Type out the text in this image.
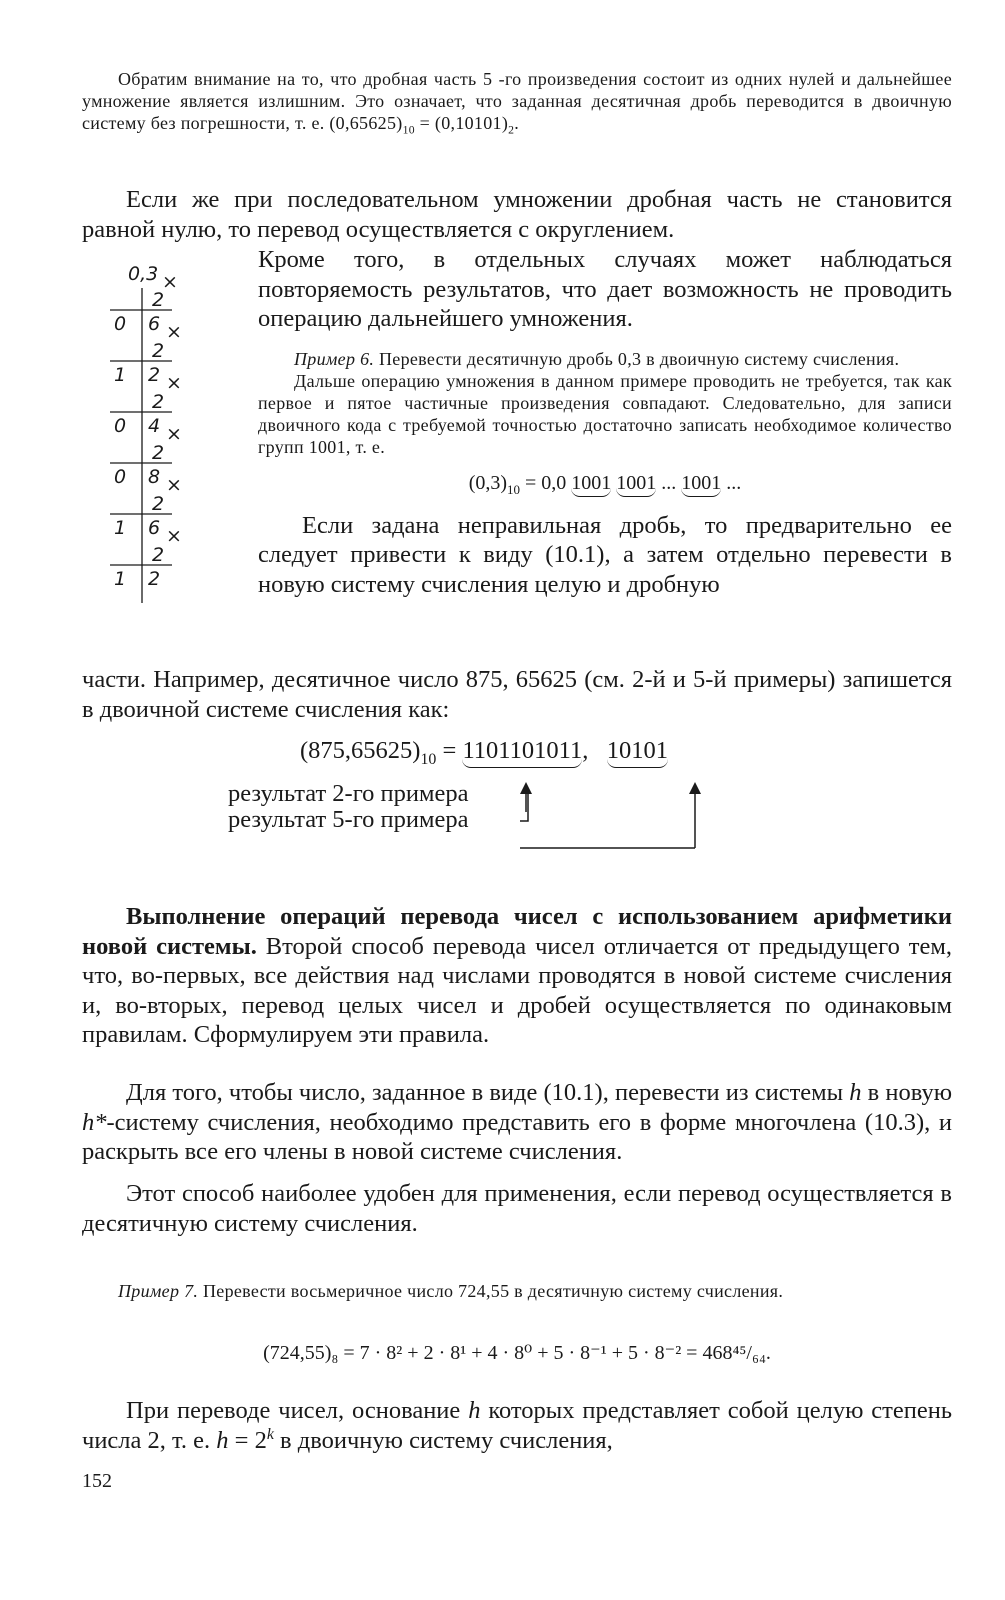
Обратим внимание на то, что дробная часть 5 -го произведения состоит из одних нулей и дальнейшее умножение является излишним. Это означает, что заданная десятичная дробь переводится в двоичную систему без погрешности, т. е. $(0,65625)_{10} = (0,10101)_2$.

Если же при последовательном умножении дробная часть не становится равной нулю, то перевод осуществляется с округлением.

0,3 ×
2
0 6 ×
2
1 2 ×
2
0 4 ×
2
0 8 ×
2
1 6 ×
2
1 2

Кроме того, в отдельных случаях может наблюдаться повторяемость результатов, что дает возможность не проводить операцию дальнейшего умножения.

Пример 6. Перевести десятичную дробь 0,3 в двоичную систему счисления.

Дальше операцию умножения в данном примере проводить не требуется, так как первое и пятое частичные произведения совпадают. Следовательно, для записи двоичного кода с требуемой точностью достаточно записать необходимое количество групп 1001, т. е.

$(0,3)_{10} = 0,0$ 1001 1001 ... 1001 ...

Если задана неправильная дробь, то предварительно ее следует привести к виду (10.1), а затем отдельно перевести в новую систему счисления целую и дробную

части. Например, десятичное число 875, 65625 (см. 2-й и 5-й примеры) запишется в двоичной системе счисления как:

$(875,65625)_{10} = 1101101011$,   10101
результат 2-го примера
результат 5-го примера

Выполнение операций перевода чисел с использованием арифметики новой системы. Второй способ перевода чисел отличается от предыдущего тем, что, во-первых, все действия над числами проводятся в новой системе счисления и, во-вторых, перевод целых чисел и дробей осуществляется по одинаковым правилам. Сформулируем эти правила.

Для того, чтобы число, заданное в виде (10.1), перевести из системы h в новую h*-систему счисления, необходимо представить его в форме многочлена (10.3), и раскрыть все его члены в новой системе счисления.

Этот способ наиболее удобен для применения, если перевод осуществляется в десятичную систему счисления.

Пример 7. Перевести восьмеричное число 724,55 в десятичную систему счисления.

(724,55)₈ = 7 · 8² + 2 · 8¹ + 4 · 8⁰ + 5 · 8⁻¹ + 5 · 8⁻² = 468⁴⁵/₆₄.

При переводе чисел, основание h которых представляет собой целую степень числа 2, т. е. $h = 2^k$ в двоичную систему счисления,

152
